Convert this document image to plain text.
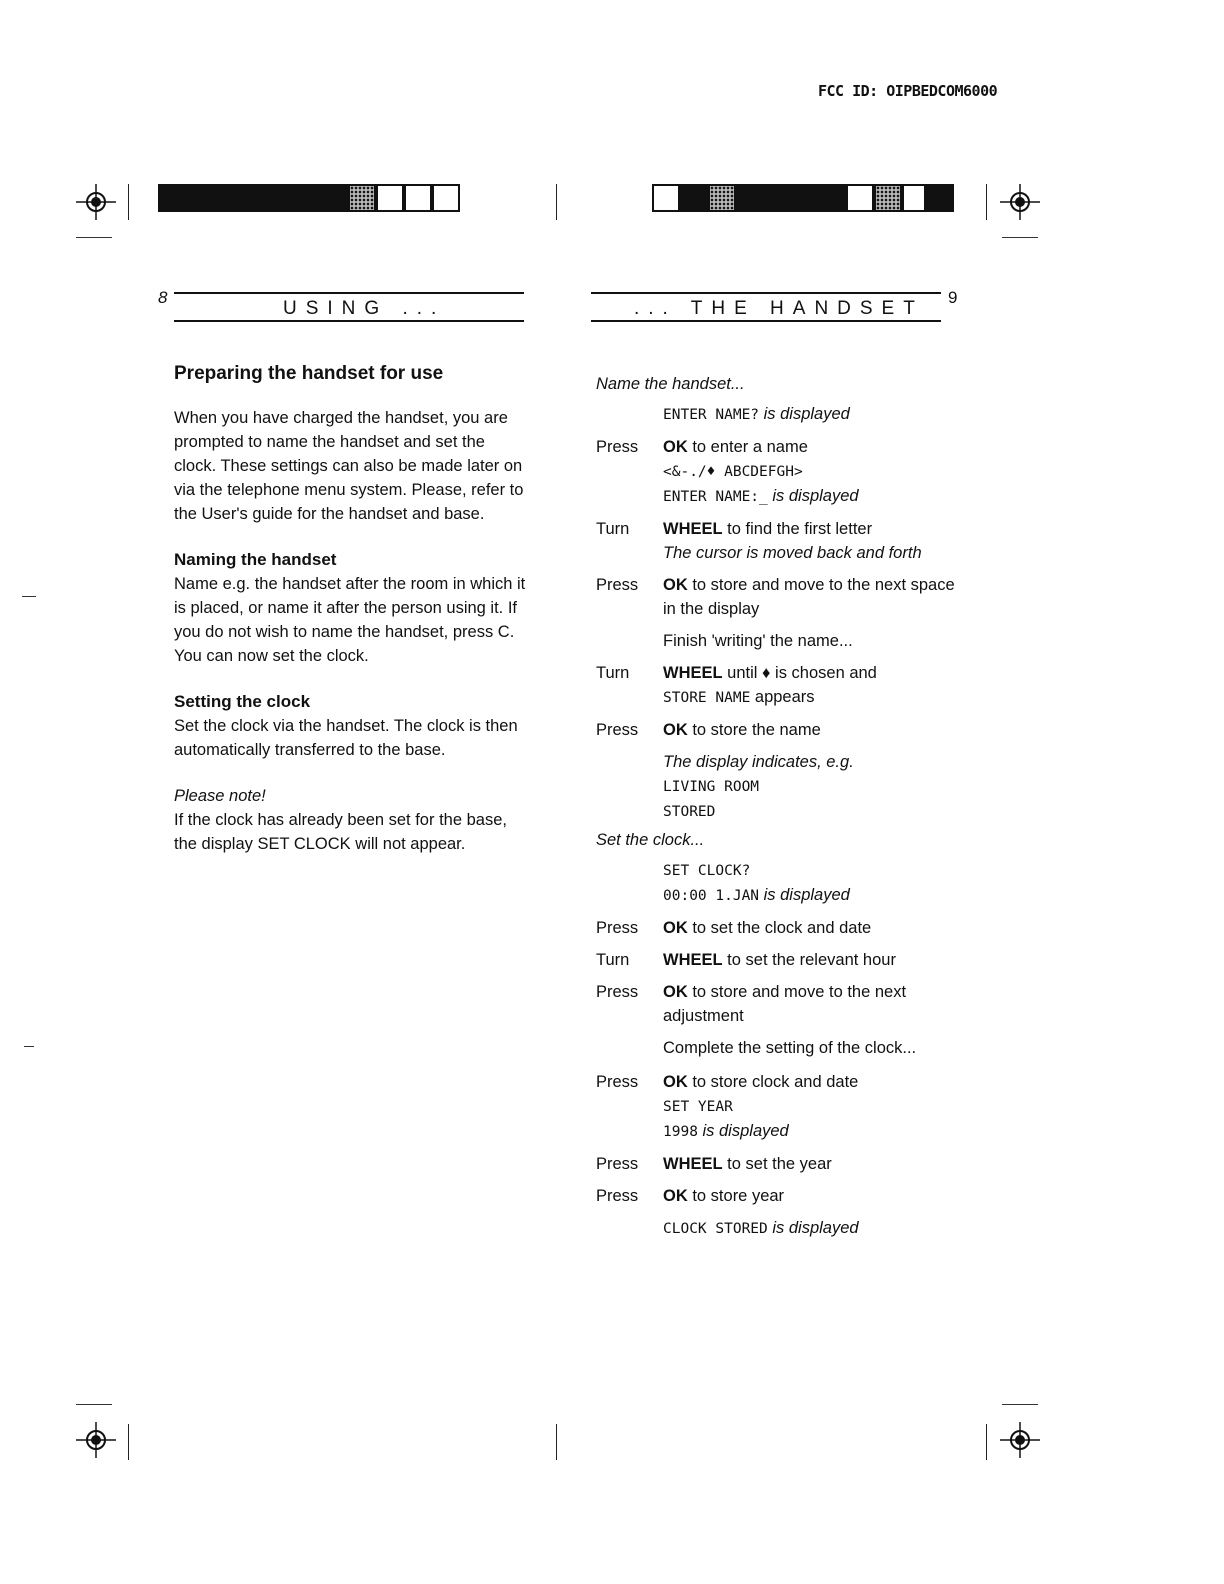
FCC ID: OIPBEDCOM6000
8
USING ...	... THE HANDSET
9
Preparing the handset for use
When you have charged the handset, you are prompted to name the handset and set the clock. These settings can also be made later on via the telephone menu system. Please, refer to the User's guide for the handset and base.
Naming the handset
Name e.g. the handset after the room in which it is placed, or name it after the person using it. If you do not wish to name the handset, press C. You can now set the clock.
Setting the clock
Set the clock via the handset. The clock is then automatically transferred to the base.
Please note!
If the clock has already been set for the base, the display SET CLOCK will not appear.
Name the handset...
ENTER NAME? is displayed
Press	OK to enter a name
<&-./♦ ABCDEFGH>
ENTER NAME:_ is displayed
Turn	WHEEL to find the first letter
The cursor is moved back and forth
Press	OK to store and move to the next space in the display
Finish 'writing' the name...
Turn	WHEEL until ♦ is chosen and
STORE NAME appears
Press	OK to store the name
The display indicates, e.g.
LIVING ROOM
STORED
Set the clock...
SET CLOCK?
00:00 1.JAN is displayed
Press	OK to set the clock and date
Turn	WHEEL to set the relevant hour
Press	OK to store and move to the next adjustment
Complete the setting of the clock...
Press	OK to store clock and date
SET YEAR
1998 is displayed
Press	WHEEL to set the year
Press	OK to store year
CLOCK STORED is displayed
